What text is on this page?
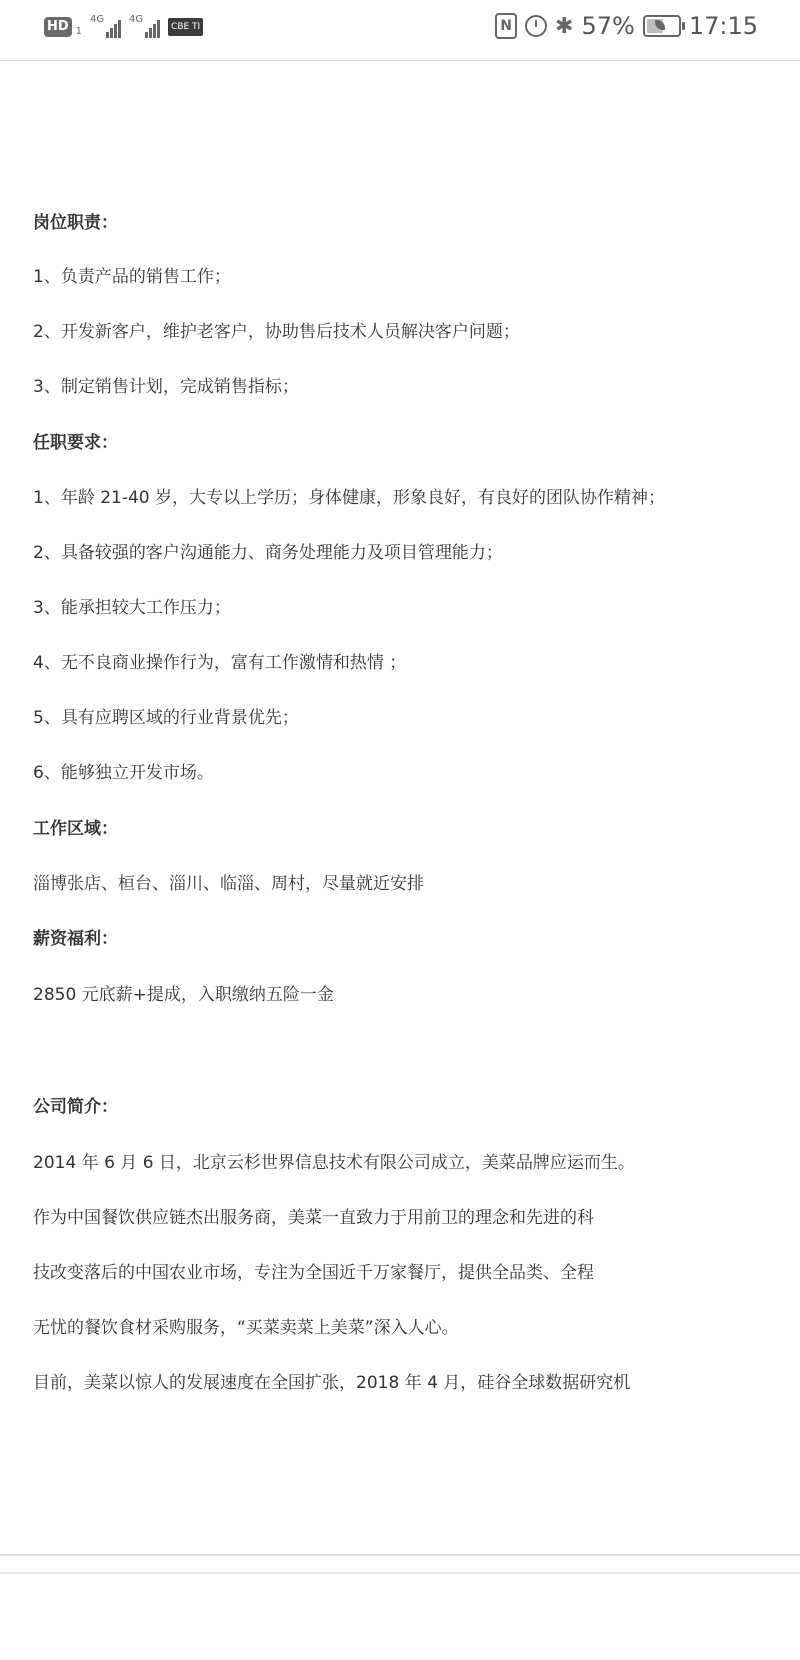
HD 1
4G 4G
CBE TI	N ✱ 57% 17:15
岗位职责：
1、负责产品的销售工作；
2、开发新客户，维护老客户，协助售后技术人员解决客户问题；
3、制定销售计划，完成销售指标；
任职要求：
1、年龄 21-40 岁，大专以上学历；身体健康，形象良好，有良好的团队协作精神；
2、具备较强的客户沟通能力、商务处理能力及项目管理能力；
3、能承担较大工作压力；
4、无不良商业操作行为，富有工作激情和热情 ；
5、具有应聘区域的行业背景优先；
6、能够独立开发市场。
工作区域：
淄博张店、桓台、淄川、临淄、周村，尽量就近安排
薪资福利：
2850 元底薪+提成，入职缴纳五险一金
公司简介：
2014 年 6 月 6 日，北京云杉世界信息技术有限公司成立，美菜品牌应运而生。
作为中国餐饮供应链杰出服务商，美菜一直致力于用前卫的理念和先进的科
技改变落后的中国农业市场，专注为全国近千万家餐厅，提供全品类、全程
无忧的餐饮食材采购服务，“买菜卖菜上美菜”深入人心。
目前，美菜以惊人的发展速度在全国扩张，2018 年 4 月，硅谷全球数据研究机
